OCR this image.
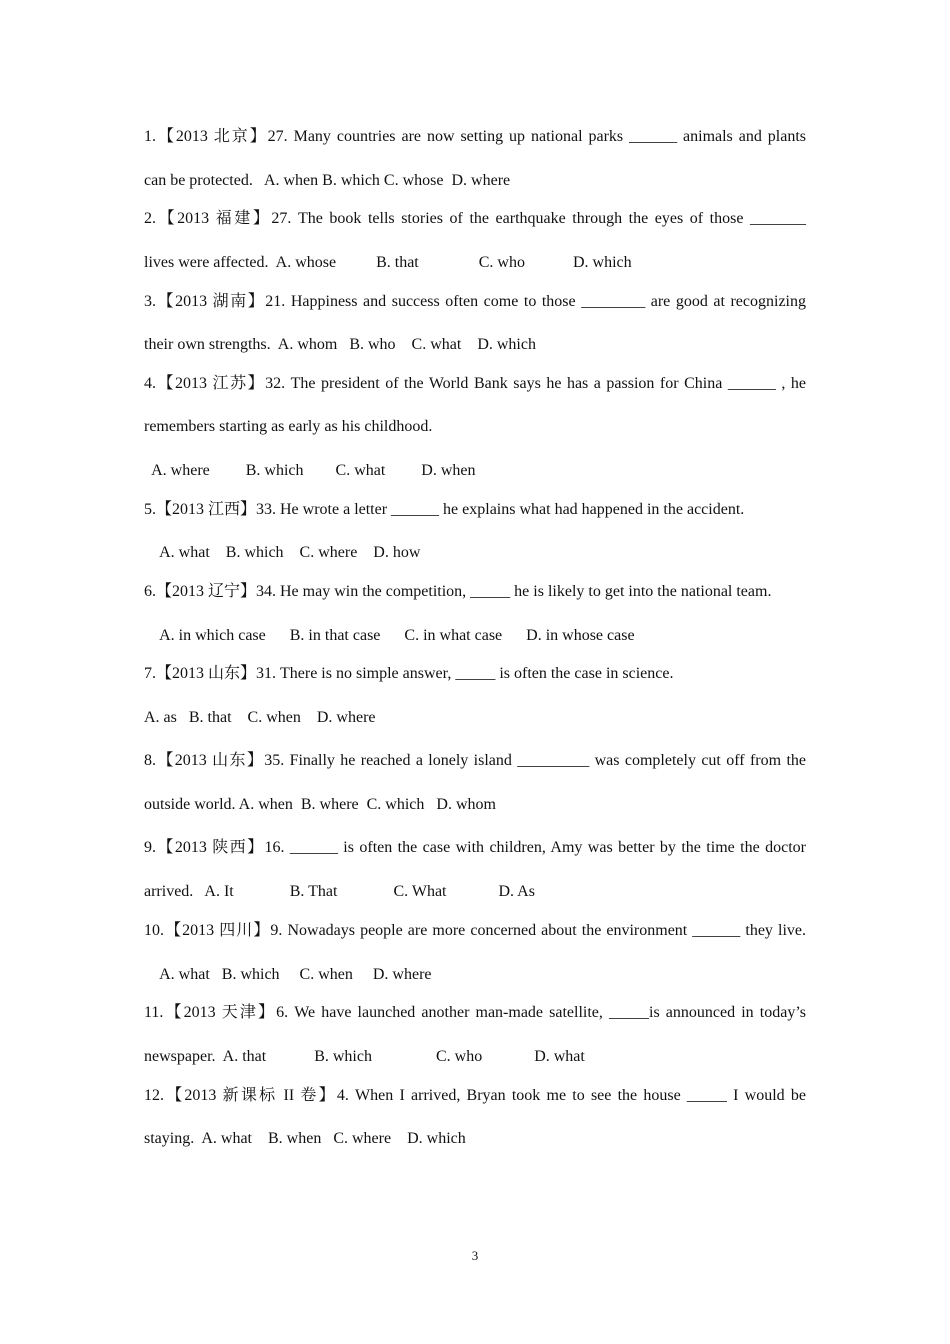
1.【2013 北京】27. Many countries are now setting up national parks ______ animals and plants
can be protected.   A. when B. which C. whose  D. where
2.【2013 福建】27. The book tells stories of the earthquake through the eyes of those _______
lives were affected.  A. whose          B. that               C. who            D. which
3.【2013 湖南】21. Happiness and success often come to those ________ are good at recognizing
their own strengths.  A. whom   B. who    C. what    D. which
4.【2013 江苏】32. The president of the World Bank says he has a passion for China ______ , he
remembers starting as early as his childhood.
A. where         B. which        C. what         D. when
5.【2013 江西】33. He wrote a letter ______ he explains what had happened in the accident.
A. what    B. which    C. where    D. how
6.【2013 辽宁】34. He may win the competition, _____ he is likely to get into the national team.
A. in which case      B. in that case      C. in what case      D. in whose case
7.【2013 山东】31. There is no simple answer, _____ is often the case in science.
A. as   B. that    C. when    D. where
8.【2013 山东】35. Finally he reached a lonely island _________ was completely cut off from the
outside world. A. when  B. where  C. which   D. whom
9.【2013 陕西】16. ______ is often the case with children, Amy was better by the time the doctor
arrived.   A. It              B. That              C. What             D. As
10.【2013 四川】9. Nowadays people are more concerned about the environment ______ they live.
A. what   B. which     C. when     D. where
11.【2013 天津】6. We have launched another man-made satellite, _____is announced in today’s
newspaper.  A. that            B. which                C. who             D. what
12.【2013 新课标 II 卷】4. When I arrived, Bryan took me to see the house _____ I would be
staying.  A. what    B. when   C. where    D. which
3
